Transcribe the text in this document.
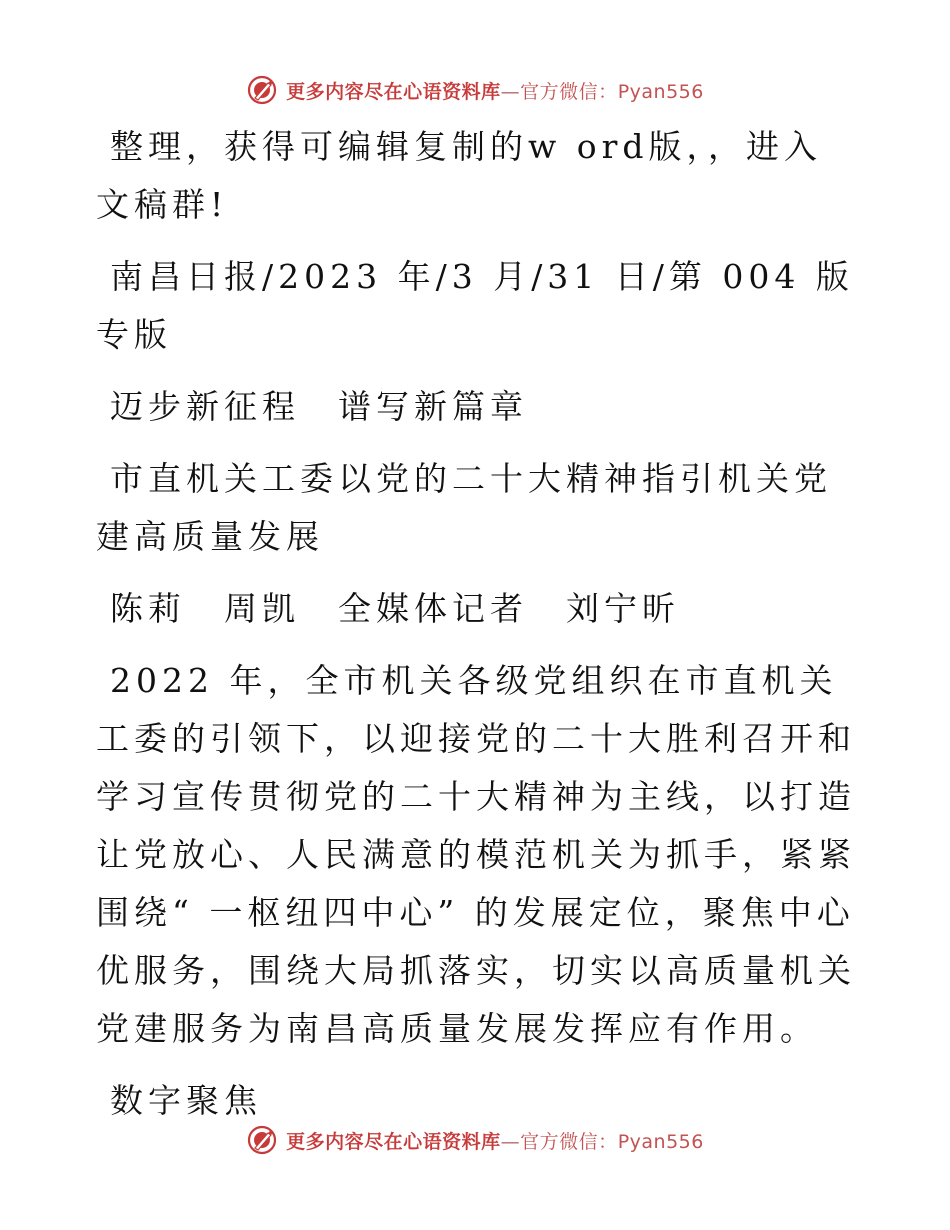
更多内容尽在心语资料库—官方微信：Pyan556

整理，获得可编辑复制的w ord版，，进入文稿群!

南昌日报/2023 年/3 月/31 日/第 004 版专版

迈步新征程　谱写新篇章

市直机关工委以党的二十大精神指引机关党建高质量发展

陈莉　周凯　全媒体记者　刘宁昕

2022 年，全市机关各级党组织在市直机关工委的引领下，以迎接党的二十大胜利召开和学习宣传贯彻党的二十大精神为主线，以打造让党放心、人民满意的模范机关为抓手，紧紧围绕“ 一枢纽四中心” 的发展定位，聚焦中心优服务，围绕大局抓落实，切实以高质量机关党建服务为南昌高质量发展发挥应有作用。

数字聚焦

更多内容尽在心语资料库—官方微信：Pyan556
